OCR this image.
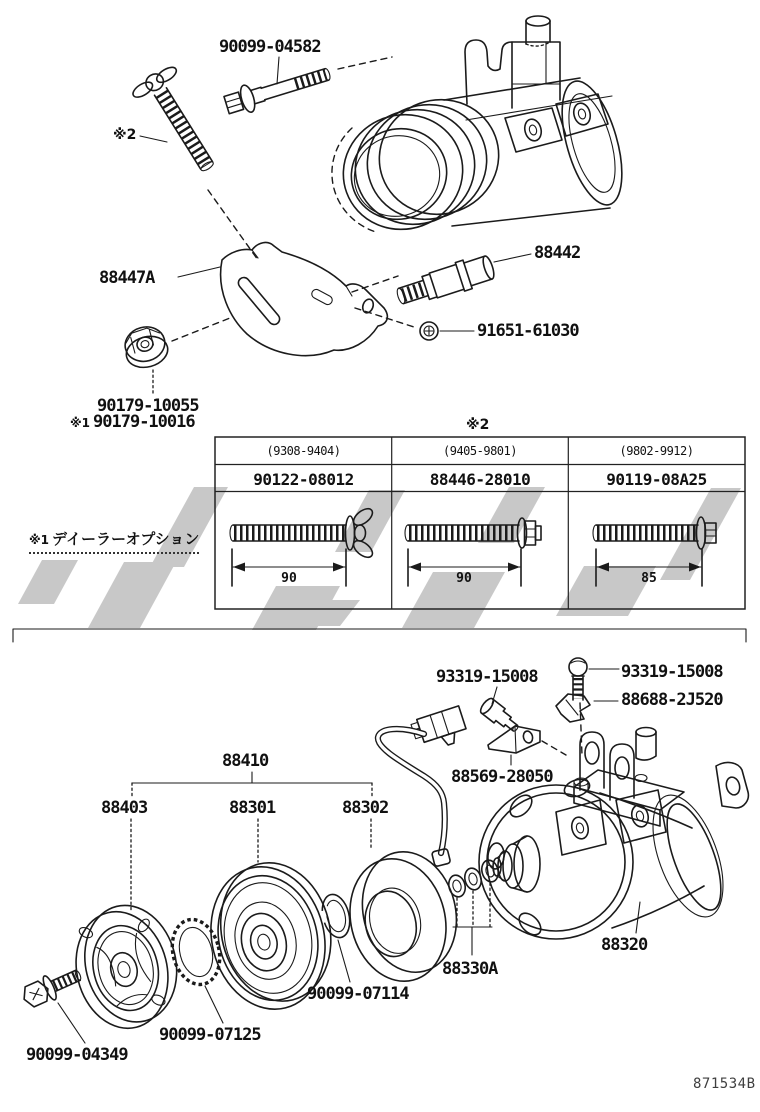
90099-04582
※2
88447A
88442
91651-61030
90179-10055
※1 90179-10016	※2
(9308-9404)	(9405-9801)	(9802-9912)
90122-08012	88446-28010	90119-08A25
90	90	85
※1 デイーラーオプション
93319-15008	93319-15008
88688-2J520
88569-28050
88410
88403	88301	88302
90099-07114
88330A
88320
90099-07125
90099-04349
871534B
